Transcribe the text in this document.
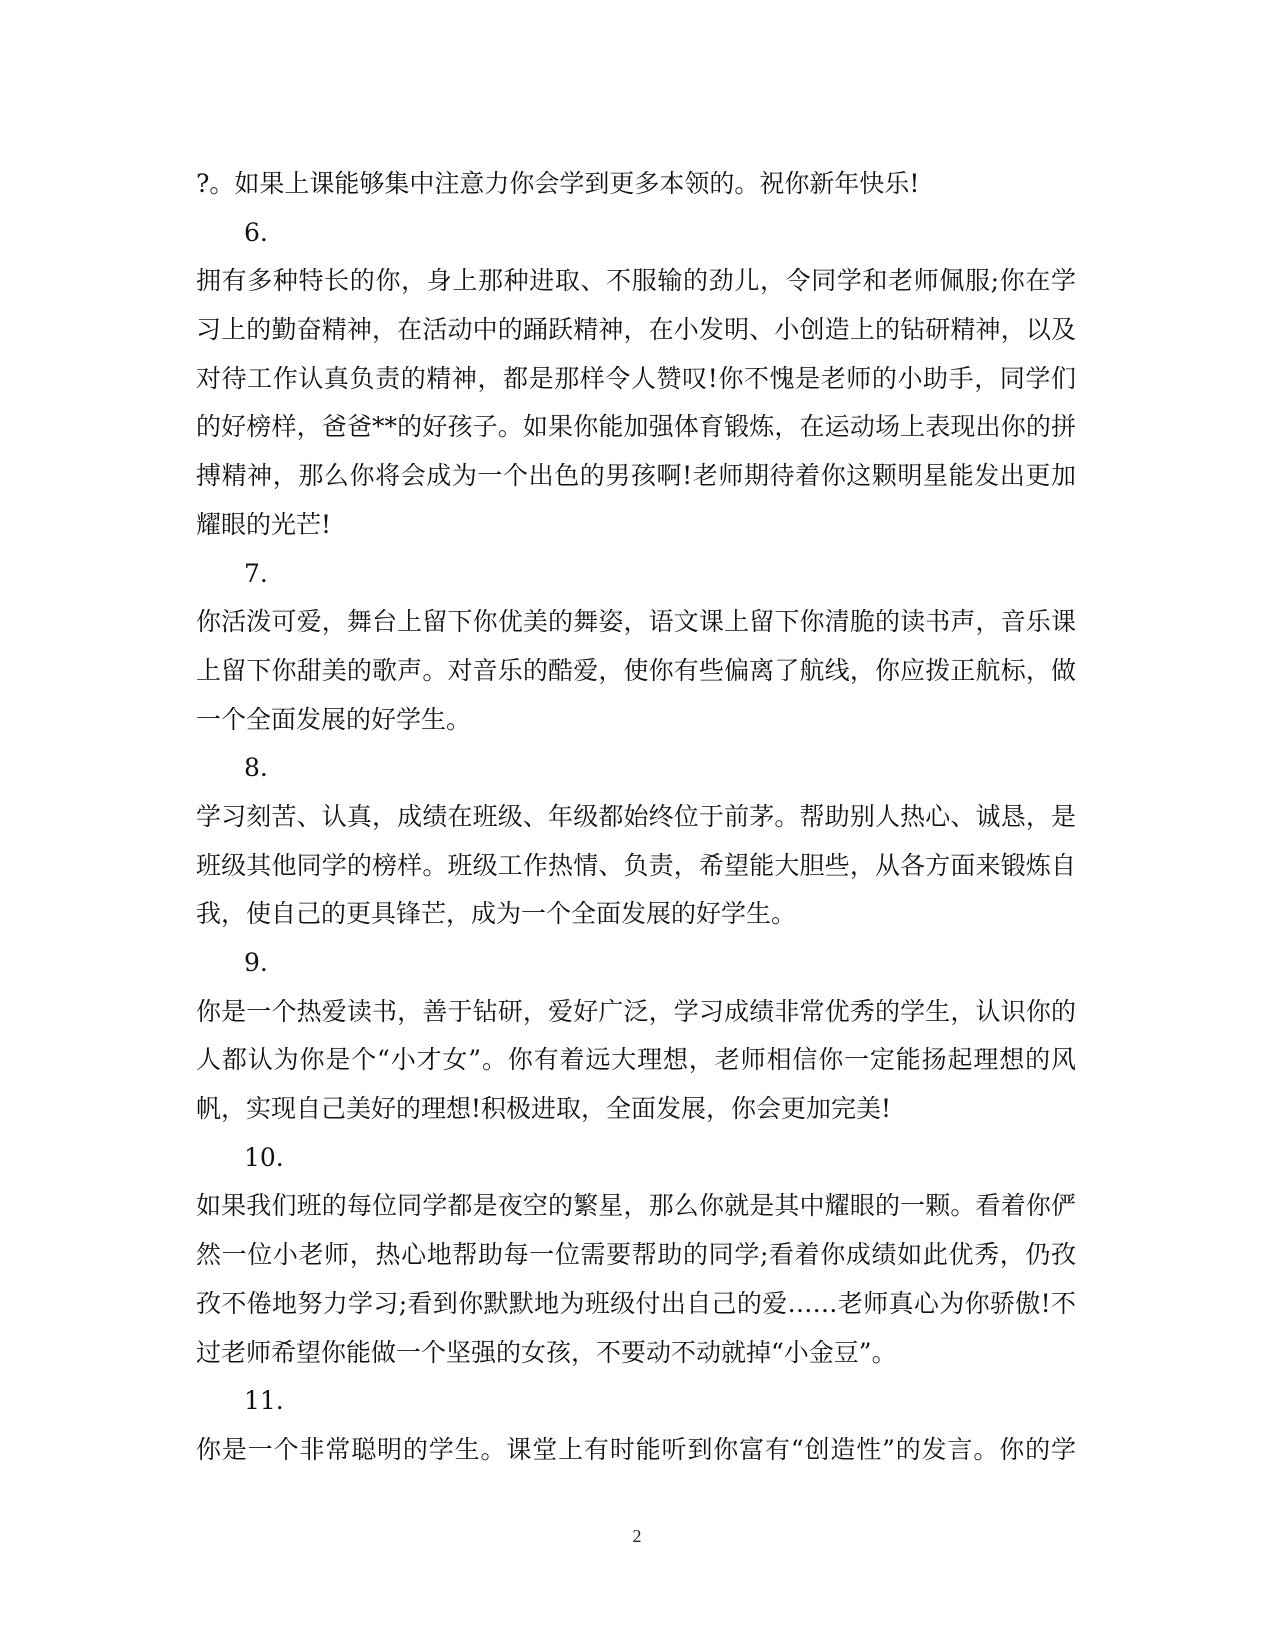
?。如果上课能够集中注意力你会学到更多本领的。祝你新年快乐!
6.
拥有多种特长的你，身上那种进取、不服输的劲儿，令同学和老师佩服;你在学
习上的勤奋精神，在活动中的踊跃精神，在小发明、小创造上的钻研精神，以及
对待工作认真负责的精神，都是那样令人赞叹!你不愧是老师的小助手，同学们
的好榜样，爸爸**的好孩子。如果你能加强体育锻炼，在运动场上表现出你的拼
搏精神，那么你将会成为一个出色的男孩啊!老师期待着你这颗明星能发出更加
耀眼的光芒!
7.
你活泼可爱，舞台上留下你优美的舞姿，语文课上留下你清脆的读书声，音乐课
上留下你甜美的歌声。对音乐的酷爱，使你有些偏离了航线，你应拨正航标，做
一个全面发展的好学生。
8.
学习刻苦、认真，成绩在班级、年级都始终位于前茅。帮助别人热心、诚恳，是
班级其他同学的榜样。班级工作热情、负责，希望能大胆些，从各方面来锻炼自
我，使自己的更具锋芒，成为一个全面发展的好学生。
9.
你是一个热爱读书，善于钻研，爱好广泛，学习成绩非常优秀的学生，认识你的
人都认为你是个“小才女”。你有着远大理想，老师相信你一定能扬起理想的风
帆，实现自己美好的理想!积极进取，全面发展，你会更加完美!
10.
如果我们班的每位同学都是夜空的繁星，那么你就是其中耀眼的一颗。看着你俨
然一位小老师，热心地帮助每一位需要帮助的同学;看着你成绩如此优秀，仍孜
孜不倦地努力学习;看到你默默地为班级付出自己的爱……老师真心为你骄傲!不
过老师希望你能做一个坚强的女孩，不要动不动就掉“小金豆”。
11.
你是一个非常聪明的学生。课堂上有时能听到你富有“创造性”的发言。你的学
2
